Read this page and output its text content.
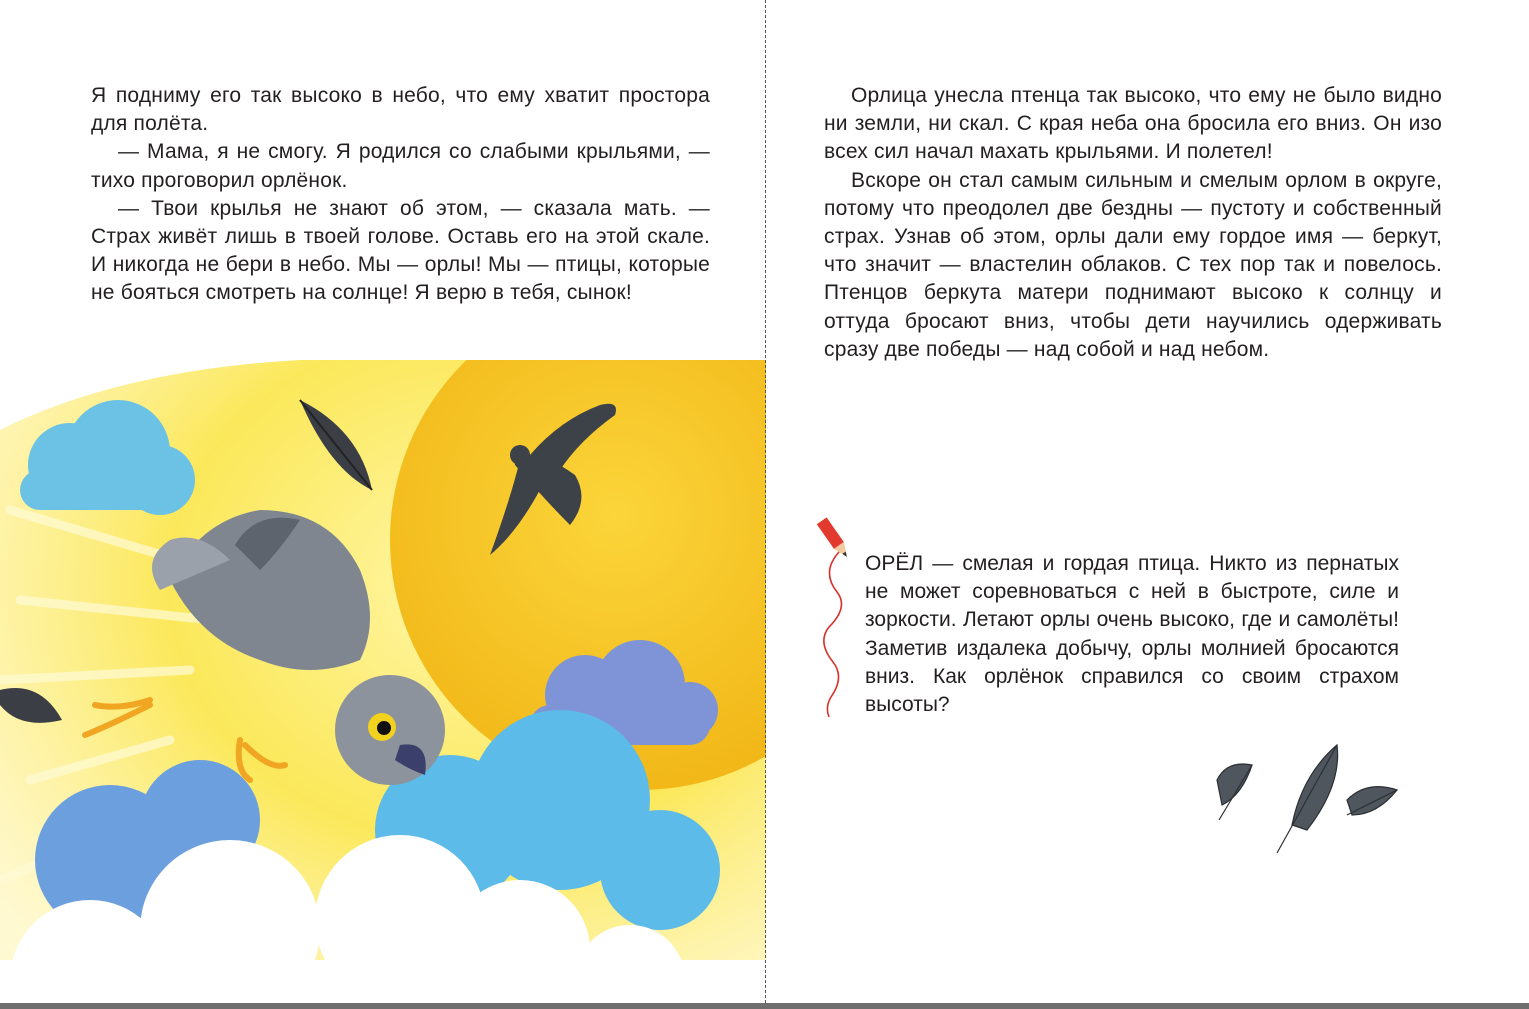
Я подниму его так высоко в небо, что ему хватит простора для полёта.

— Мама, я не смогу. Я родился со слабыми крыльями, — тихо проговорил орлёнок.

— Твои крылья не знают об этом, — сказала мать. — Страх живёт лишь в твоей голове. Оставь его на этой скале. И никогда не бери в небо. Мы — орлы! Мы — птицы, которые не бояться смотреть на солнце! Я верю в тебя, сынок!

Орлица унесла птенца так высоко, что ему не было видно ни земли, ни скал. С края неба она бросила его вниз. Он изо всех сил начал махать крыльями. И полетел!

Вскоре он стал самым сильным и смелым орлом в округе, потому что преодолел две бездны — пустоту и собственный страх. Узнав об этом, орлы дали ему гордое имя — беркут, что значит — властелин облаков. С тех пор так и повелось. Птенцов беркута матери поднимают высоко к солнцу и оттуда бросают вниз, чтобы дети научились одерживать сразу две победы — над собой и над небом.

ОРЁЛ — смелая и гордая птица. Никто из пернатых не может соревноваться с ней в быстроте, силе и зоркости. Летают орлы очень высоко, где и самолёты! Заметив издалека добычу, орлы молнией бросаются вниз. Как орлёнок справился со своим страхом высоты?
